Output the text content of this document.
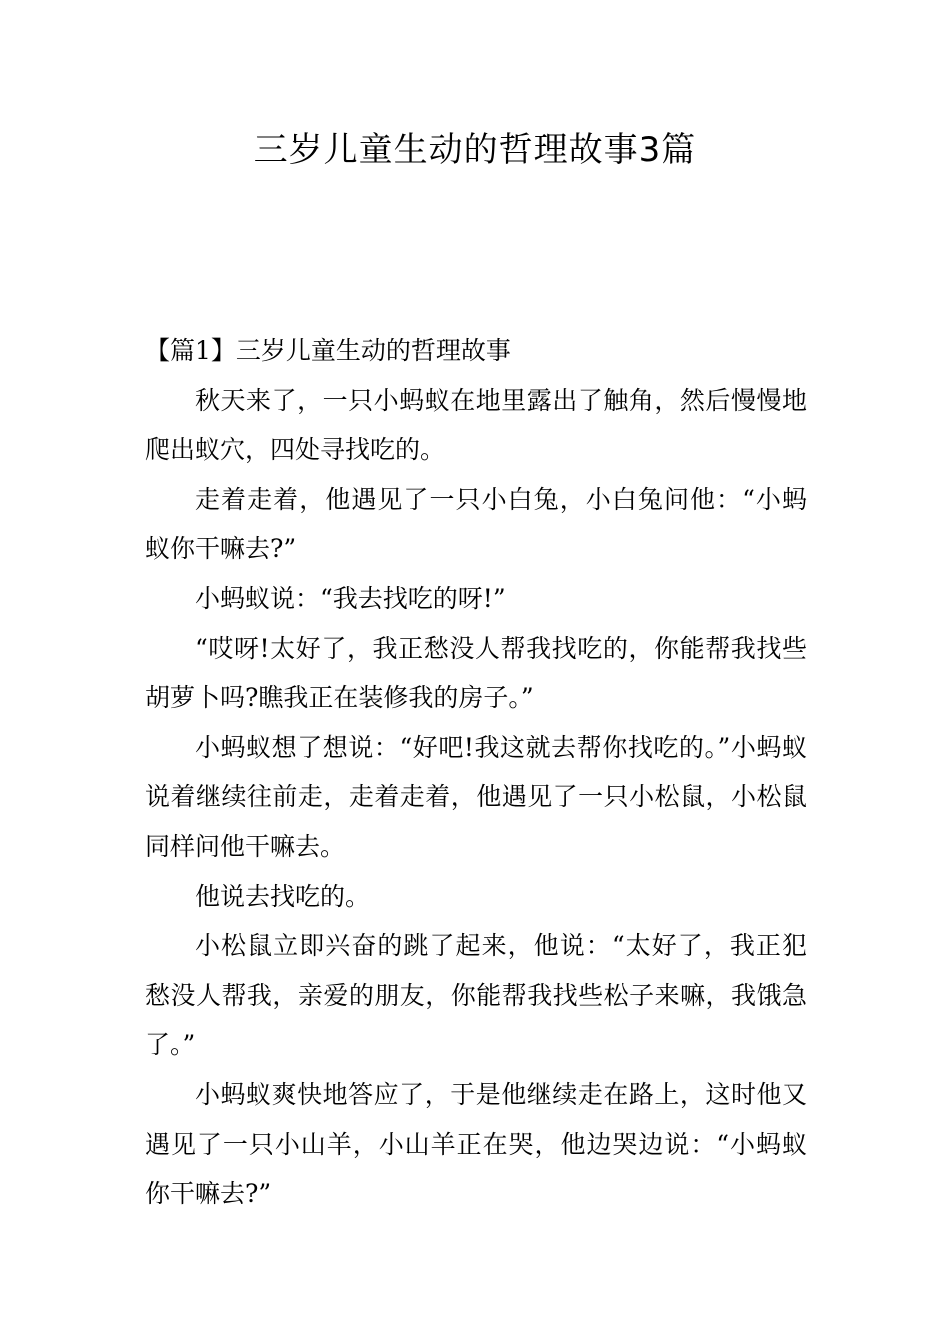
三岁儿童生动的哲理故事3篇
【篇1】三岁儿童生动的哲理故事

秋天来了，一只小蚂蚁在地里露出了触角，然后慢慢地爬出蚁穴，四处寻找吃的。

走着走着，他遇见了一只小白兔，小白兔问他：“小蚂蚁你干嘛去?”

小蚂蚁说：“我去找吃的呀!”

“哎呀!太好了，我正愁没人帮我找吃的，你能帮我找些胡萝卜吗?瞧我正在装修我的房子。”

小蚂蚁想了想说：“好吧!我这就去帮你找吃的。”小蚂蚁说着继续往前走，走着走着，他遇见了一只小松鼠，小松鼠同样问他干嘛去。

他说去找吃的。

小松鼠立即兴奋的跳了起来，他说：“太好了，我正犯愁没人帮我，亲爱的朋友，你能帮我找些松子来嘛，我饿急了。”

小蚂蚁爽快地答应了，于是他继续走在路上，这时他又遇见了一只小山羊，小山羊正在哭，他边哭边说：“小蚂蚁你干嘛去?”
